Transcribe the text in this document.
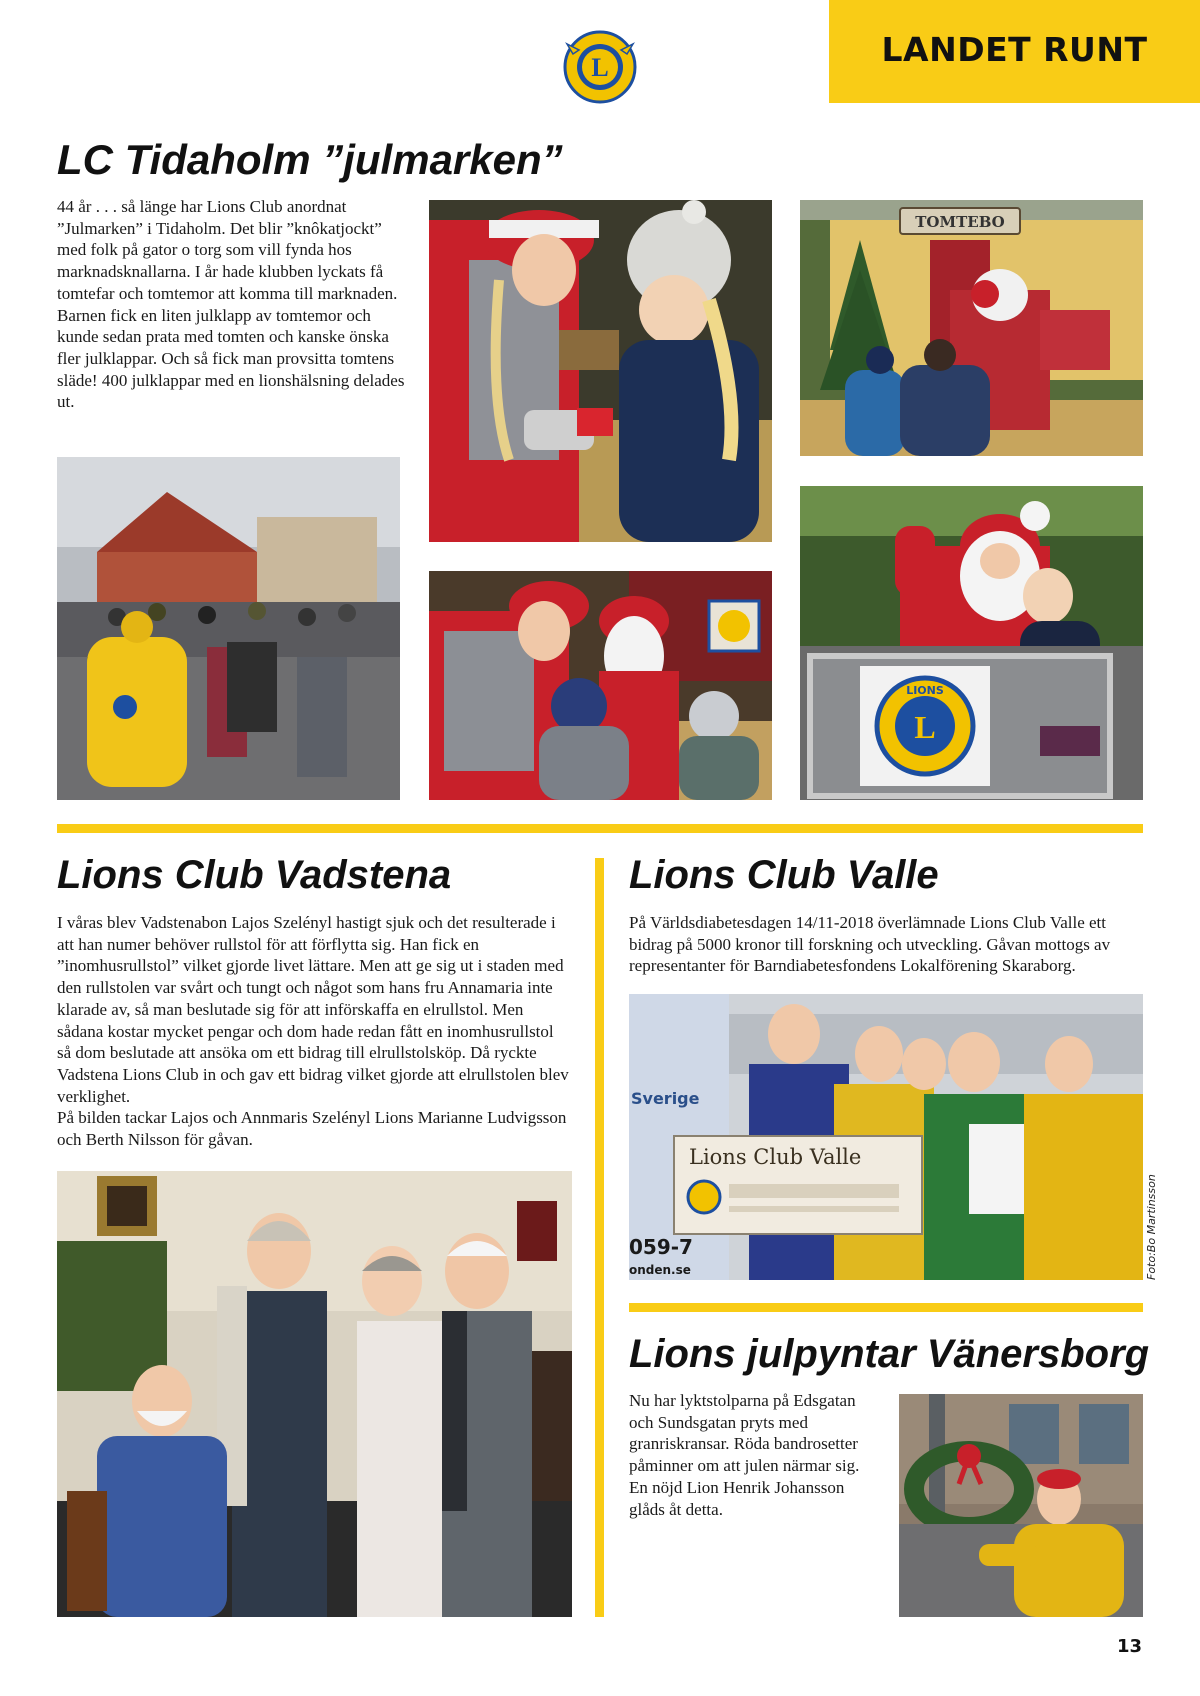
LANDET RUNT
L
LC Tidaholm ”julmarken”

44 år . . . så länge har Lions Club anordnat ”Julmarken” i Tidaholm. Det blir ”knôkatjockt” med folk på gator o torg som vill fynda hos marknadsknallarna. I år hade klubben lyckats få tomtefar och tomtemor att komma till marknaden. Barnen fick en liten julklapp av tomtemor och kunde sedan prata med tomten och kanske önska fler julklappar. Och så fick man provsitta tomtens släde! 400 julklappar med en lionshälsning delades ut.

TOMTEBO
L
LIONS
Lions Club Vadstena

I våras blev Vadstenabon Lajos Szelényl hastigt sjuk och det resulterade i att han numer behöver rullstol för att förflytta sig. Han fick en ”inomhusrullstol” vilket gjorde livet lättare. Men att ge sig ut i staden med den rullstolen var svårt och tungt och något som hans fru Annamaria inte klarade av, så man beslutade sig för att införskaffa en elrullstol. Men sådana kostar mycket pengar och dom hade redan fått en inomhusrullstol så dom beslutade att ansöka om ett bidrag till elrullstolsköp. Då ryckte Vadstena Lions Club in och gav ett bidrag vilket gjorde att elrullstolen blev verklighet.

På bilden tackar Lajos och Annmaris Szelényl Lions Marianne Ludvigsson och Berth Nilsson för gåvan.

Lions Club Valle

På Världsdiabetesdagen 14/11-2018 överlämnade Lions Club Valle ett bidrag på 5000 kronor till forskning och utveckling. Gåvan mottogs av representanter för Barndiabetesfondens Lokalförening Skaraborg.

Sverige
059-7
onden.se
Lions Club Valle
Foto:Bo Martinsson
Lions julpyntar Vänersborg

Nu har lyktstolparna på Edsgatan och Sundsgatan pryts med granriskransar. Röda bandrosetter påminner om att julen närmar sig. En nöjd Lion Henrik Johansson glåds åt detta.

13
